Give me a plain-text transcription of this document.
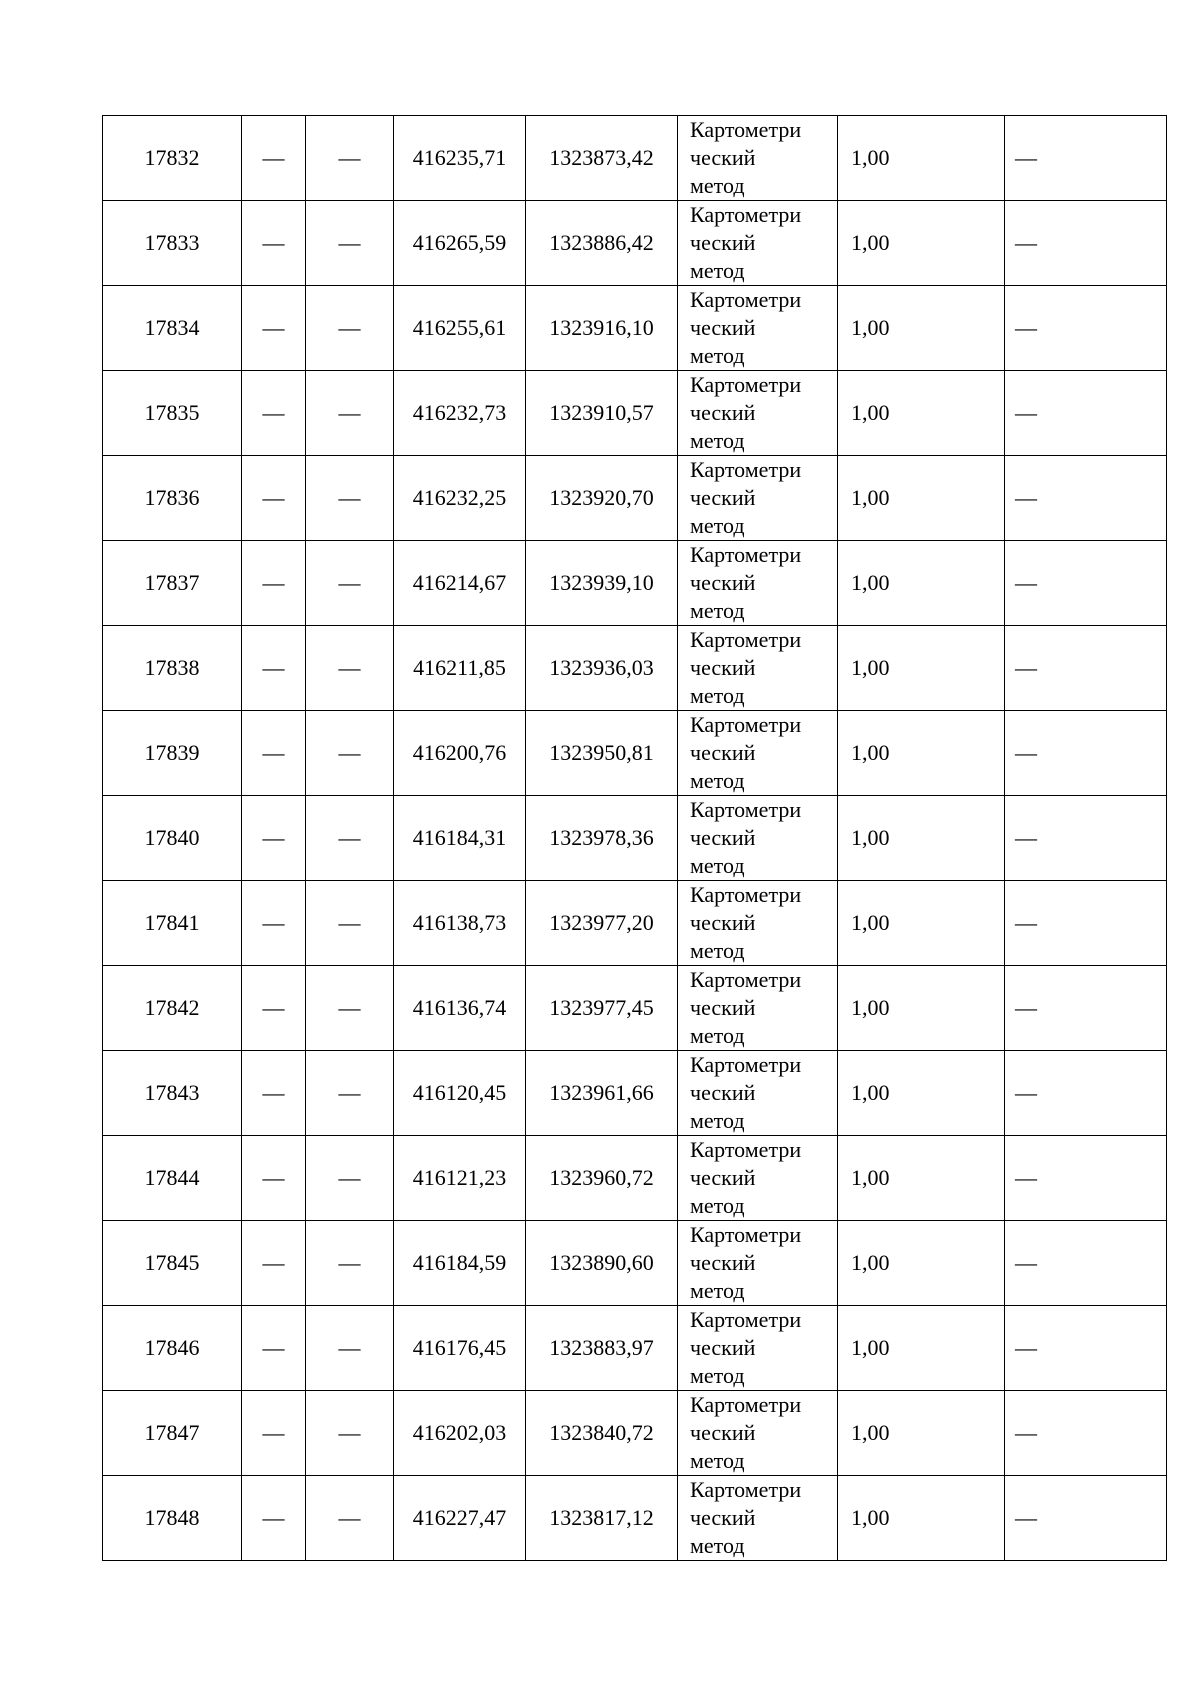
17832	—	—	416235,71	1323873,42	Картометри
ческий
метод	1,00	—
17833	—	—	416265,59	1323886,42	Картометри
ческий
метод	1,00	—
17834	—	—	416255,61	1323916,10	Картометри
ческий
метод	1,00	—
17835	—	—	416232,73	1323910,57	Картометри
ческий
метод	1,00	—
17836	—	—	416232,25	1323920,70	Картометри
ческий
метод	1,00	—
17837	—	—	416214,67	1323939,10	Картометри
ческий
метод	1,00	—
17838	—	—	416211,85	1323936,03	Картометри
ческий
метод	1,00	—
17839	—	—	416200,76	1323950,81	Картометри
ческий
метод	1,00	—
17840	—	—	416184,31	1323978,36	Картометри
ческий
метод	1,00	—
17841	—	—	416138,73	1323977,20	Картометри
ческий
метод	1,00	—
17842	—	—	416136,74	1323977,45	Картометри
ческий
метод	1,00	—
17843	—	—	416120,45	1323961,66	Картометри
ческий
метод	1,00	—
17844	—	—	416121,23	1323960,72	Картометри
ческий
метод	1,00	—
17845	—	—	416184,59	1323890,60	Картометри
ческий
метод	1,00	—
17846	—	—	416176,45	1323883,97	Картометри
ческий
метод	1,00	—
17847	—	—	416202,03	1323840,72	Картометри
ческий
метод	1,00	—
17848	—	—	416227,47	1323817,12	Картометри
ческий
метод	1,00	—
